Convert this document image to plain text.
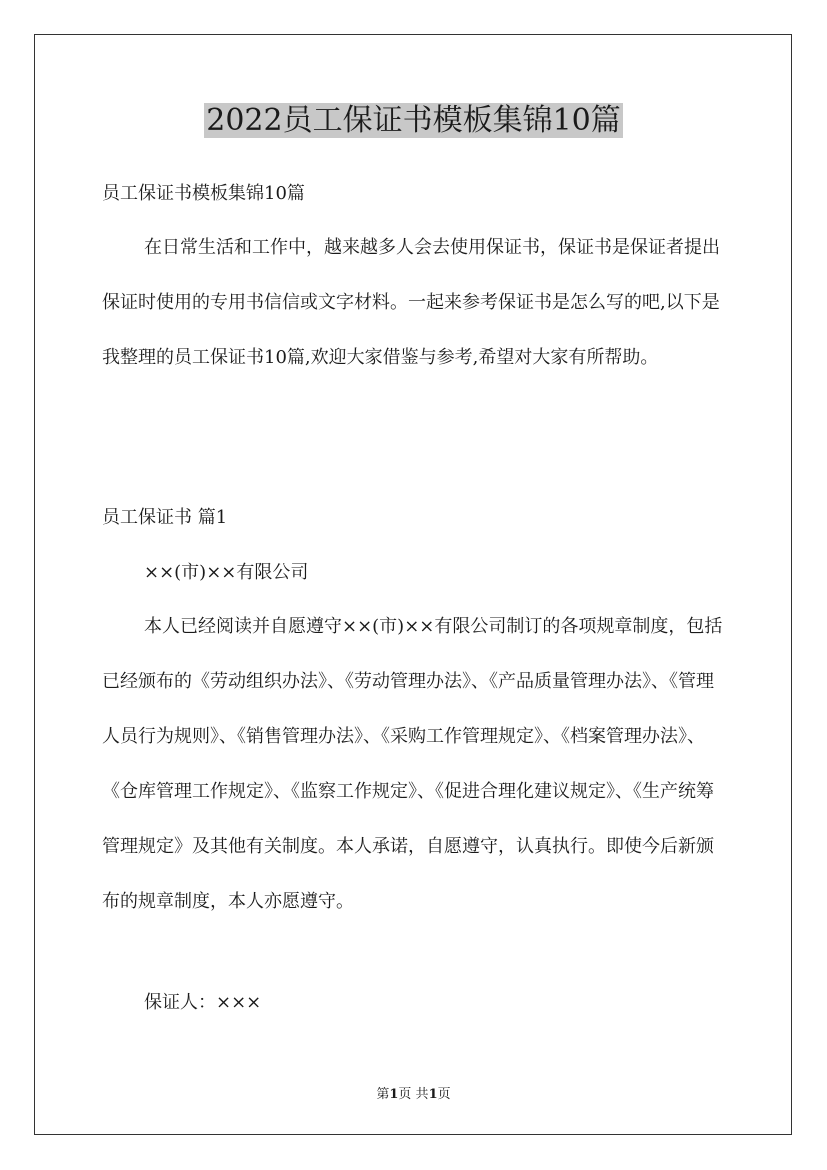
2022员工保证书模板集锦10篇

员工保证书模板集锦10篇

在日常生活和工作中，越来越多人会去使用保证书，保证书是保证者提出保证时使用的专用书信信或文字材料。一起来参考保证书是怎么写的吧,以下是我整理的员工保证书10篇,欢迎大家借鉴与参考,希望对大家有所帮助。

员工保证书 篇1

××(市)××有限公司

本人已经阅读并自愿遵守××(市)××有限公司制订的各项规章制度，包括已经颁布的《劳动组织办法》、《劳动管理办法》、《产品质量管理办法》、《管理人员行为规则》、《销售管理办法》、《采购工作管理规定》、《档案管理办法》、《仓库管理工作规定》、《监察工作规定》、《促进合理化建议规定》、《生产统筹管理规定》及其他有关制度。本人承诺，自愿遵守，认真执行。即使今后新颁布的规章制度，本人亦愿遵守。

保证人：×××

第1页 共1页
